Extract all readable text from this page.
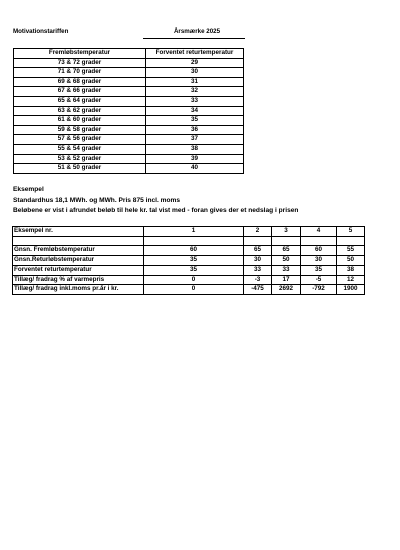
Motivationstariffen	Årsmærke 2025
Fremløbstemperatur	Forventet returtemperatur
73 & 72 grader	29
71 & 70 grader	30
69 & 68 grader	31
67 & 66 grader	32
65 & 64 grader	33
63 & 62 grader	34
61 & 60 grader	35
59 & 58 grader	36
57 & 56 grader	37
55 & 54 grader	38
53 & 52 grader	39
51 & 50 grader	40
Eksempel
Standardhus 18,1 MWh. og MWh. Pris 875 incl. moms
Beløbene er vist i afrundet beløb til hele kr. tal vist med - foran gives der et nedslag i prisen
Eksempel nr.	1	2	3	4	5

Gnsn. Fremløbstemperatur	60	65	65	60	55
Gnsn.Returløbstemperatur	35	30	50	30	50
Forventet returtemperatur	35	33	33	35	38
Tillæg/ fradrag % af varmepris	0	-3	17	-5	12
Tillæg/ fradrag inkl.moms pr.år i kr.	0	-475	2692	-792	1900
